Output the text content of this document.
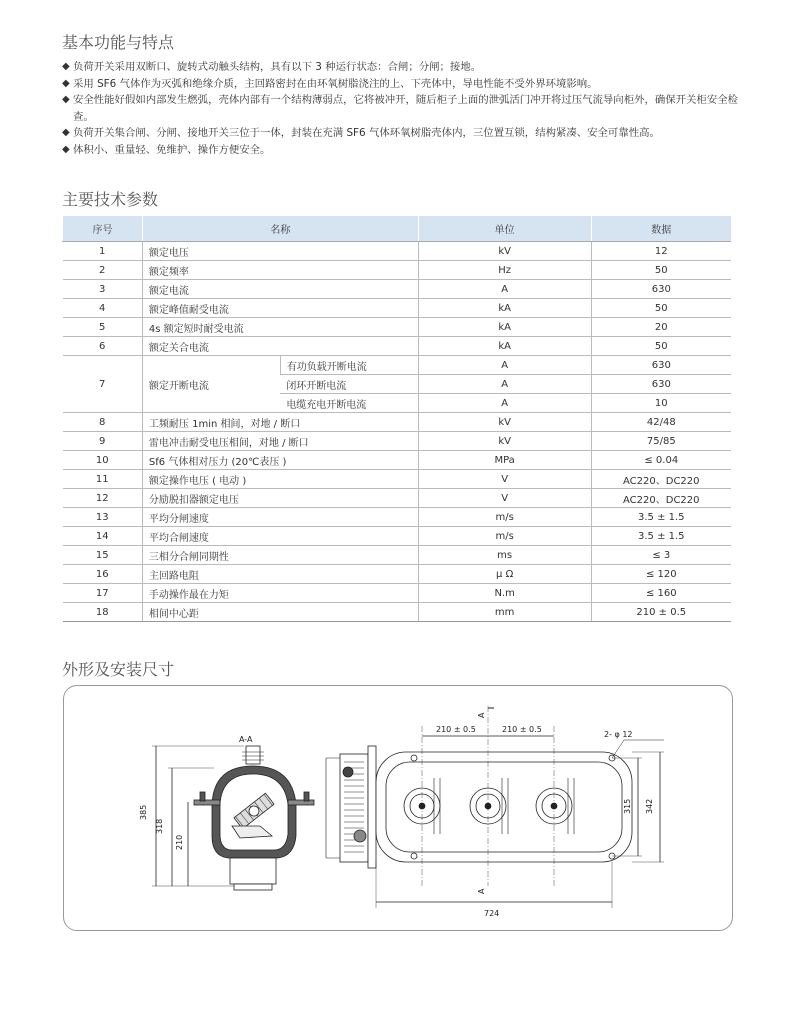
基本功能与特点
◆ 负荷开关采用双断口、旋转式动触头结构，具有以下 3 种运行状态：合闸；分闸；接地。
◆ 采用 SF6 气体作为灭弧和绝缘介质，主回路密封在由环氧树脂浇注的上、下壳体中，导电性能不受外界环境影响。
◆ 安全性能好假如内部发生燃弧，壳体内部有一个结构薄弱点，它将被冲开，随后柜子上面的泄弧活门冲开将过压气流导向柜外，确保开关柜安全检查。
◆ 负荷开关集合闸、分闸、接地开关三位于一体，封装在充满 SF6 气体环氧树脂壳体内，三位置互锁，结构紧凑、安全可靠性高。
◆ 体积小、重量轻、免维护、操作方便安全。
主要技术参数
序号	名称		单位	数据
1	额定电压		kV	12
2	额定频率		Hz	50
3	额定电流		A	630
4	额定峰值耐受电流		kA	50
5	4s 额定短时耐受电流		kA	20
6	额定关合电流		kA	50
7	额定开断电流	有功负载开断电流	A	630
		闭环开断电流	A	630
		电缆充电开断电流	A	10
8	工频耐压 1min 相间，对地 / 断口		kV	42/48
9	雷电冲击耐受电压相间，对地 / 断口		kV	75/85
10	Sf6 气体相对压力 (20℃表压 )		MPa	≤ 0.04
11	额定操作电压 ( 电动 )		V	AC220、DC220
12	分励脱扣器额定电压		V	AC220、DC220
13	平均分闸速度		m/s	3.5 ± 1.5
14	平均合闸速度		m/s	3.5 ± 1.5
15	三相分合闸同期性		ms	≤ 3
16	主回路电阻		μ Ω	≤ 120
17	手动操作最在力矩		N.m	≤ 160
18	相间中心距		mm	210 ± 0.5
外形及安装尺寸
A-A
385
318
210
210 ± 0.5	210 ± 0.5
2- φ 12
A
A
315 342
724
